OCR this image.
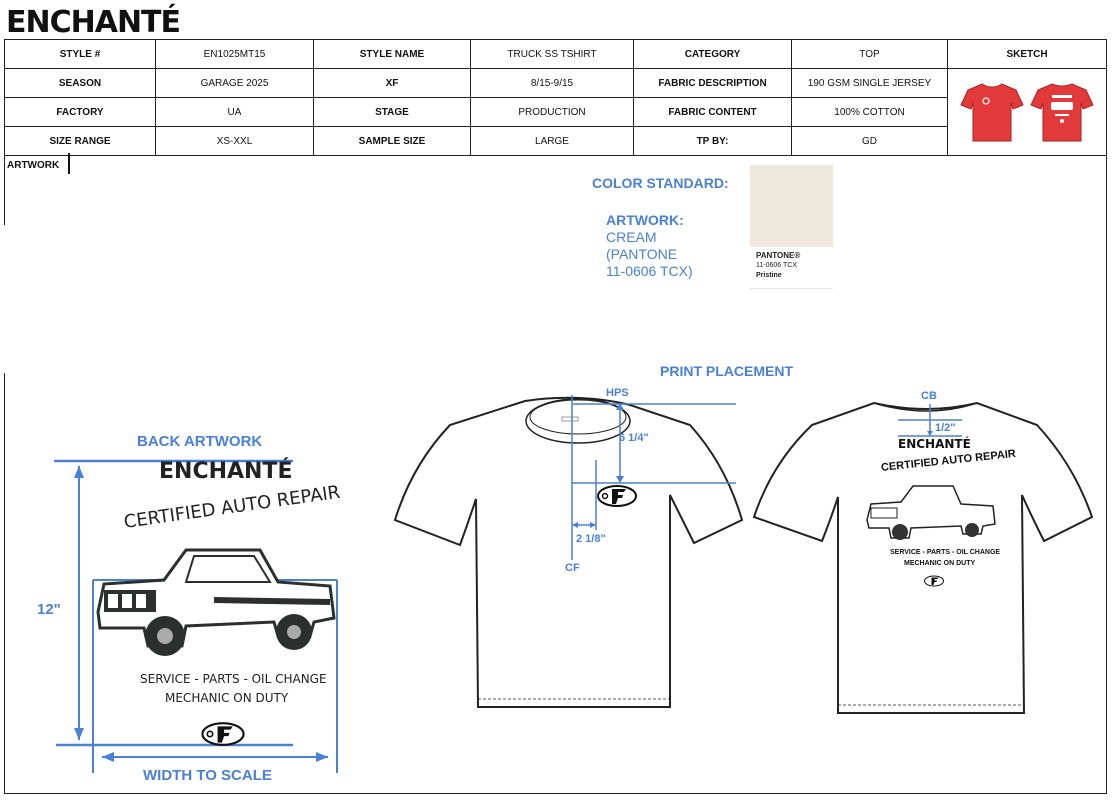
ENCHANTÉ
STYLE #	EN1025MT15	STYLE NAME	TRUCK SS TSHIRT	CATEGORY	TOP	SKETCH
SEASON	GARAGE 2025	XF	8/15-9/15	FABRIC DESCRIPTION	190 GSM SINGLE JERSEY	

FACTORY	UA	STAGE	PRODUCTION	FABRIC CONTENT	100% COTTON	
SIZE RANGE	XS-XXL	SAMPLE SIZE	LARGE	TP BY:	GD	
ARTWORK
COLOR STANDARD:
ARTWORK:
CREAM
(PANTONE
11-0606 TCX)
PANTONE®
11-0606 TCX
Pristine
PRINT PLACEMENT
HPS
6 1/4"
2 1/8"
CF
CB
1/2"
ENCHANTÉ
CERTIFIED AUTO REPAIR
SERVICE - PARTS - OIL CHANGE
MECHANIC ON DUTY
BACK ARTWORK
12"
WIDTH TO SCALE
ENCHANTÉ
CERTIFIED AUTO REPAIR
SERVICE - PARTS - OIL CHANGE
MECHANIC ON DUTY
